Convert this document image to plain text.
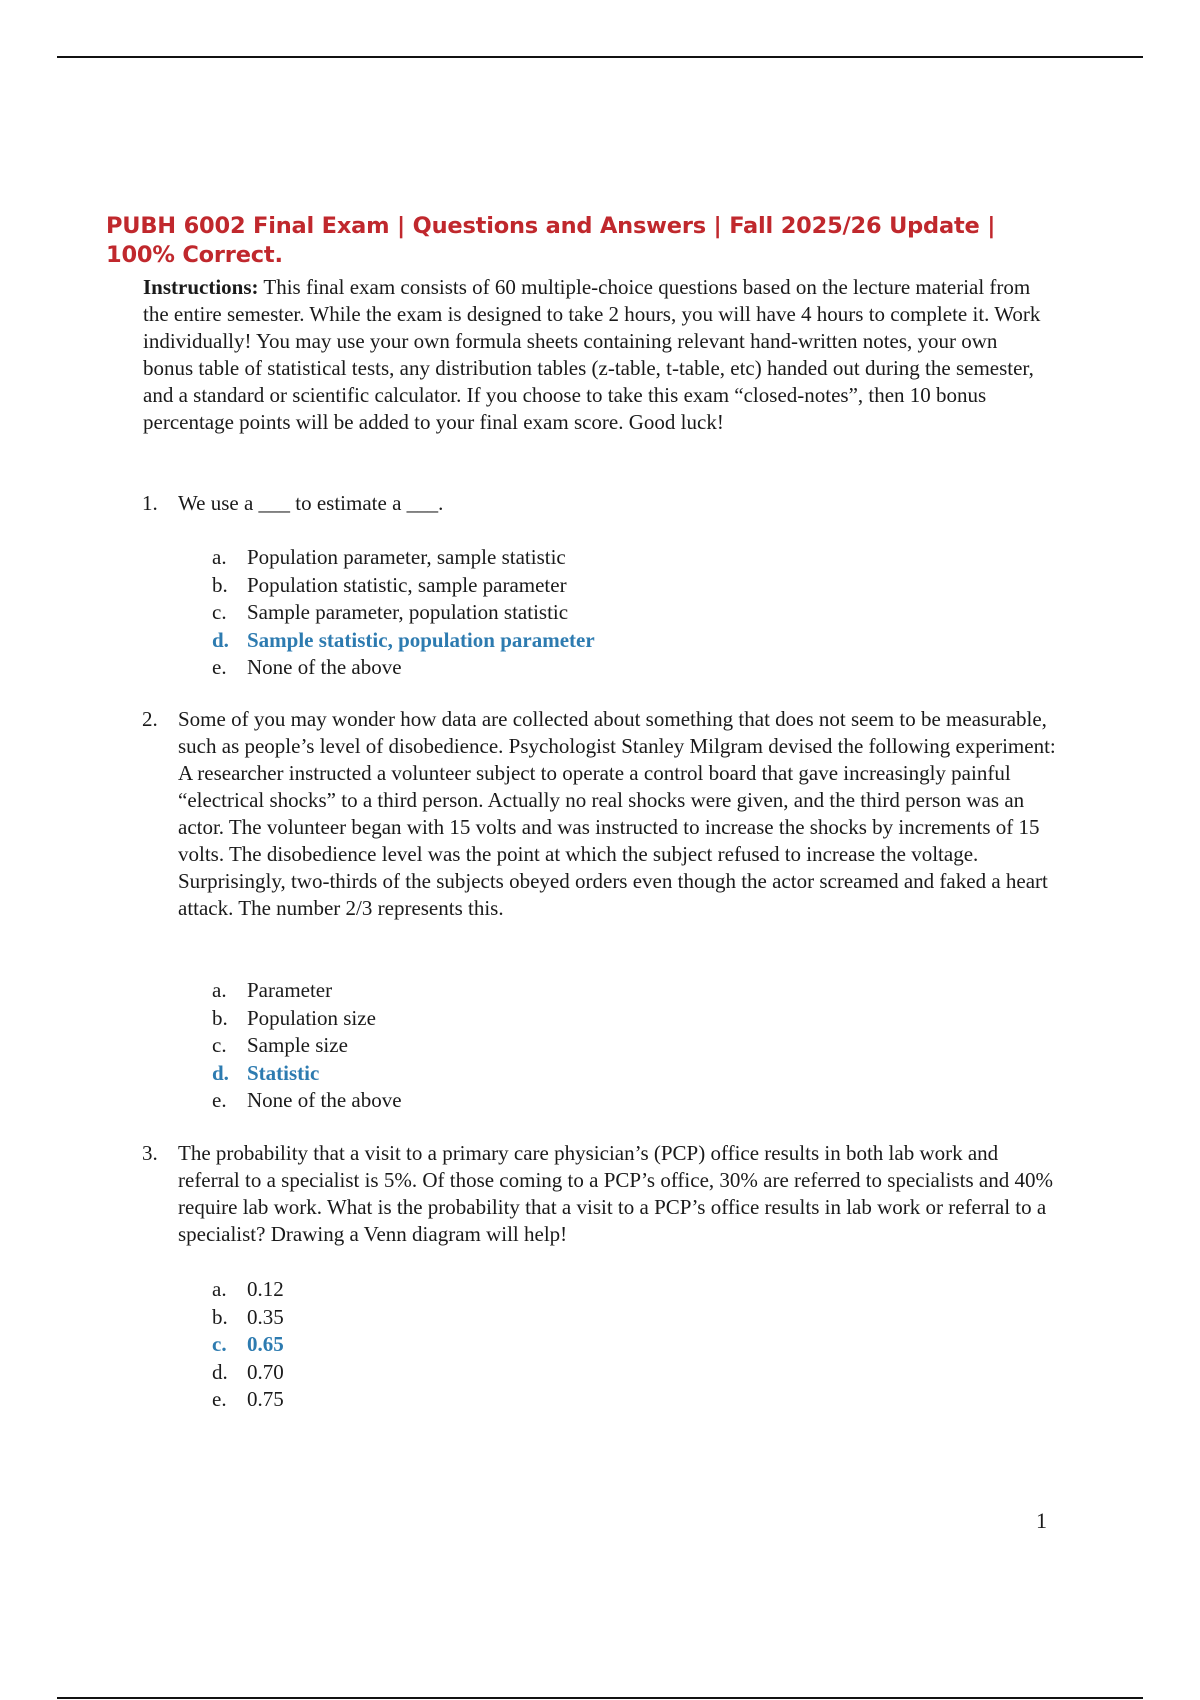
PUBH 6002 Final Exam | Questions and Answers | Fall 2025/26 Update | 100% Correct.
Instructions: This final exam consists of 60 multiple-choice questions based on the lecture material from the entire semester. While the exam is designed to take 2 hours, you will have 4 hours to complete it. Work individually! You may use your own formula sheets containing relevant hand-written notes, your own bonus table of statistical tests, any distribution tables (z-table, t-table, etc) handed out during the semester, and a standard or scientific calculator. If you choose to take this exam “closed-notes”, then 10 bonus percentage points will be added to your final exam score. Good luck!
1. We use a ___ to estimate a ___.
a. Population parameter, sample statistic
b. Population statistic, sample parameter
c. Sample parameter, population statistic
d. Sample statistic, population parameter
e. None of the above
2. Some of you may wonder how data are collected about something that does not seem to be measurable, such as people’s level of disobedience. Psychologist Stanley Milgram devised the following experiment: A researcher instructed a volunteer subject to operate a control board that gave increasingly painful “electrical shocks” to a third person. Actually no real shocks were given, and the third person was an actor. The volunteer began with 15 volts and was instructed to increase the shocks by increments of 15 volts. The disobedience level was the point at which the subject refused to increase the voltage. Surprisingly, two-thirds of the subjects obeyed orders even though the actor screamed and faked a heart attack. The number 2/3 represents this.
a. Parameter
b. Population size
c. Sample size
d. Statistic
e. None of the above
3. The probability that a visit to a primary care physician’s (PCP) office results in both lab work and referral to a specialist is 5%. Of those coming to a PCP’s office, 30% are referred to specialists and 40% require lab work. What is the probability that a visit to a PCP’s office results in lab work or referral to a specialist? Drawing a Venn diagram will help!
a. 0.12
b. 0.35
c. 0.65
d. 0.70
e. 0.75
1
